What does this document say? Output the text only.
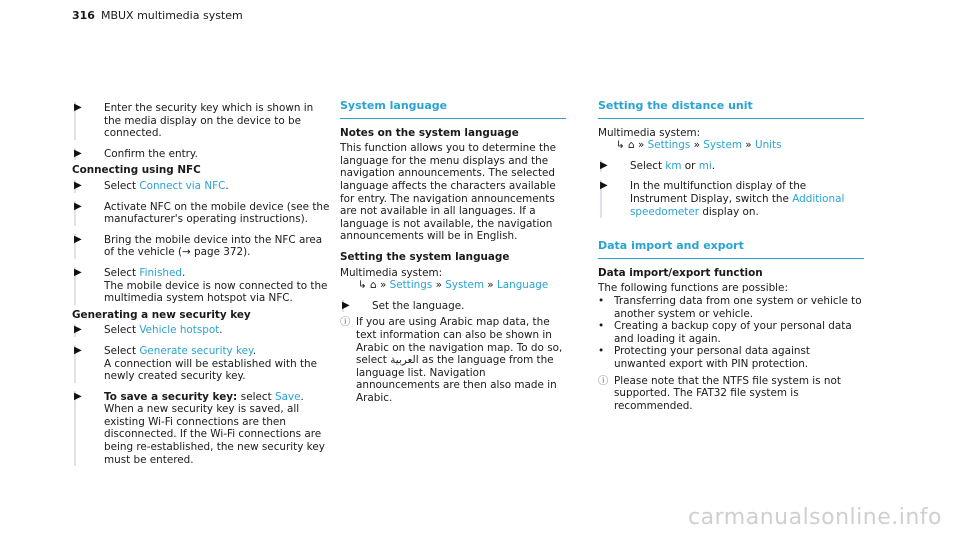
316 MBUX multimedia system
▶	Enter the security key which is shown in the media display on the device to be connected.
▶	Confirm the entry.
Connecting using NFC
▶	Select Connect via NFC.
▶	Activate NFC on the mobile device (see the manufacturer's operating instructions).
▶	Bring the mobile device into the NFC area of the vehicle (→ page 372).
▶	Select Finished.
The mobile device is now connected to the multimedia system hotspot via NFC.
Generating a new security key
▶	Select Vehicle hotspot.
▶	Select Generate security key.
A connection will be established with the newly created security key.
▶	To save a security key: select Save.
When a new security key is saved, all existing Wi-Fi connections are then disconnected. If the Wi-Fi connections are being re-established, the new security key must be entered.
System language
Notes on the system language
This function allows you to determine the language for the menu displays and the navigation announcements. The selected language affects the characters available for entry. The navigation announcements are not available in all languages. If a language is not available, the navigation announcements will be in English.
Setting the system language
Multimedia system:
↳ ⌂ » Settings » System » Language
▶	Set the language.
ⓘ If you are using Arabic map data, the text information can also be shown in Arabic on the navigation map. To do so, select العربية as the language from the language list. Navigation announcements are then also made in Arabic.
Setting the distance unit
Multimedia system:
↳ ⌂ » Settings » System » Units
▶	Select km or mi.
▶	In the multifunction display of the Instrument Display, switch the Additional speedometer display on.
Data import and export
Data import/export function
The following functions are possible:
• Transferring data from one system or vehicle to another system or vehicle.
• Creating a backup copy of your personal data and loading it again.
• Protecting your personal data against unwanted export with PIN protection.
ⓘ Please note that the NTFS file system is not supported. The FAT32 file system is recommended.
carmanualsonline.info
